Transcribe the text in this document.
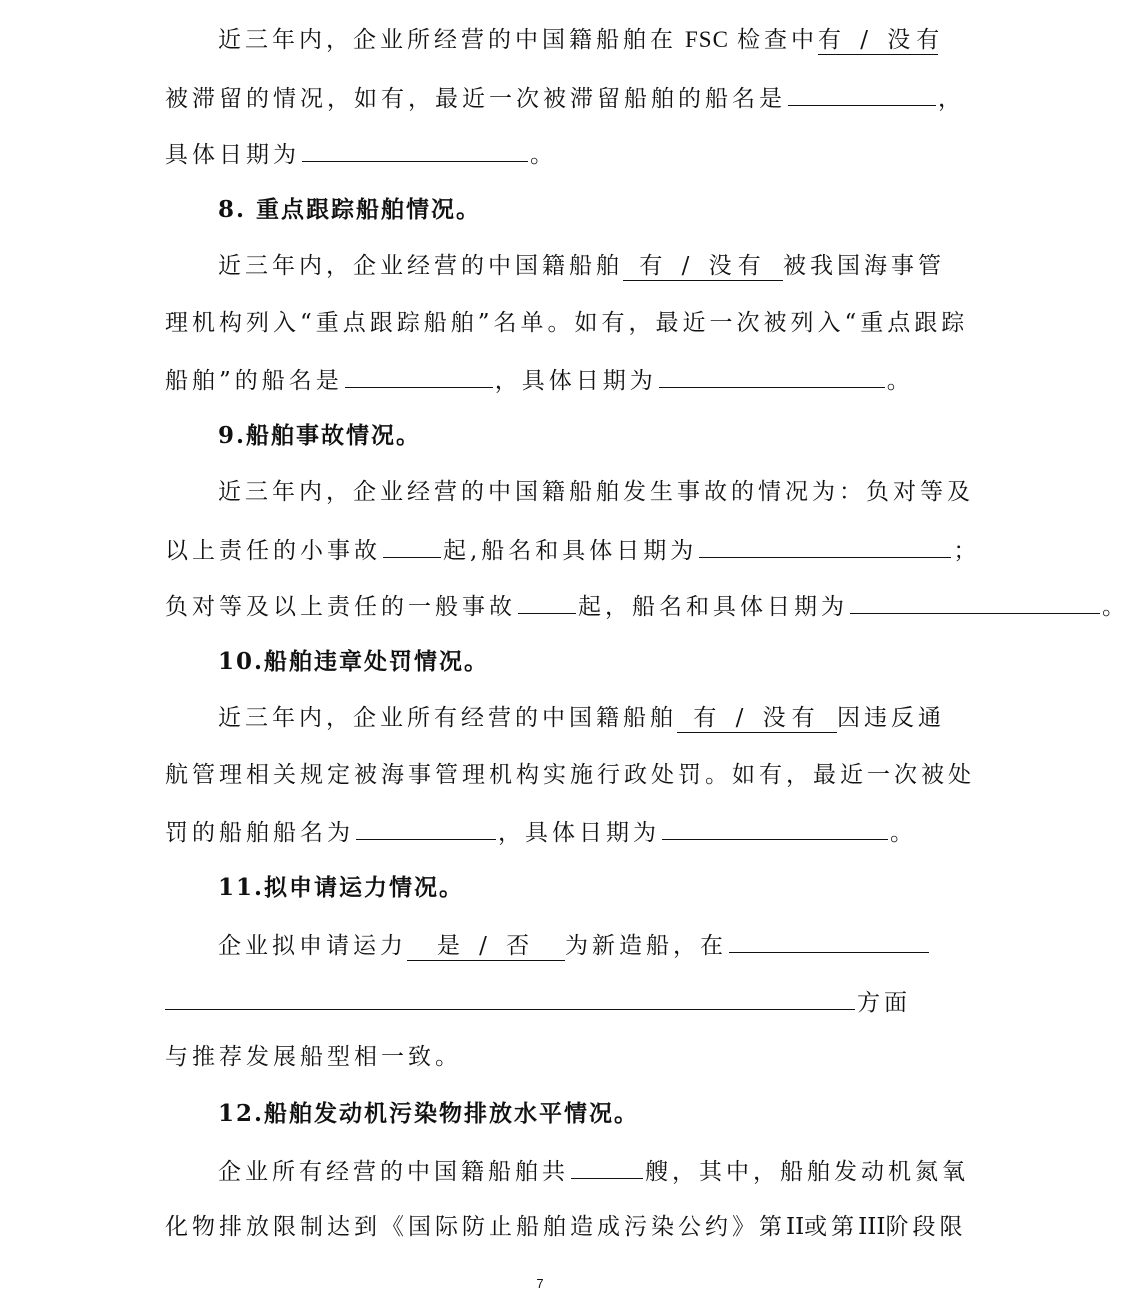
近三年内，企业所经营的中国籍船舶在 FSC 检查中有 / 没有

被滞留的情况，如有，最近一次被滞留船舶的船名是	，

具体日期为	。

8. 重点跟踪船舶情况。

近三年内，企业经营的中国籍船舶 有 / 没有 被我国海事管

理机构列入“重点跟踪船舶”名单。如有，最近一次被列入“重点跟踪

船舶”的船名是	，具体日期为	。

9.船舶事故情况。

近三年内，企业经营的中国籍船舶发生事故的情况为：负对等及

以上责任的小事故	起,船名和具体日期为	；

负对等及以上责任的一般事故	起，船名和具体日期为	。

10.船舶违章处罚情况。

近三年内，企业所有经营的中国籍船舶 有 / 没有 因违反通

航管理相关规定被海事管理机构实施行政处罚。如有，最近一次被处

罚的船舶船名为	，具体日期为	。

11.拟申请运力情况。

企业拟申请运力 是 / 否 为新造船，在

方面

与推荐发展船型相一致。

12.船舶发动机污染物排放水平情况。

企业所有经营的中国籍船舶共	艘，其中，船舶发动机氮氧

化物排放限制达到《国际防止船舶造成污染公约》第II或第III阶段限

7
